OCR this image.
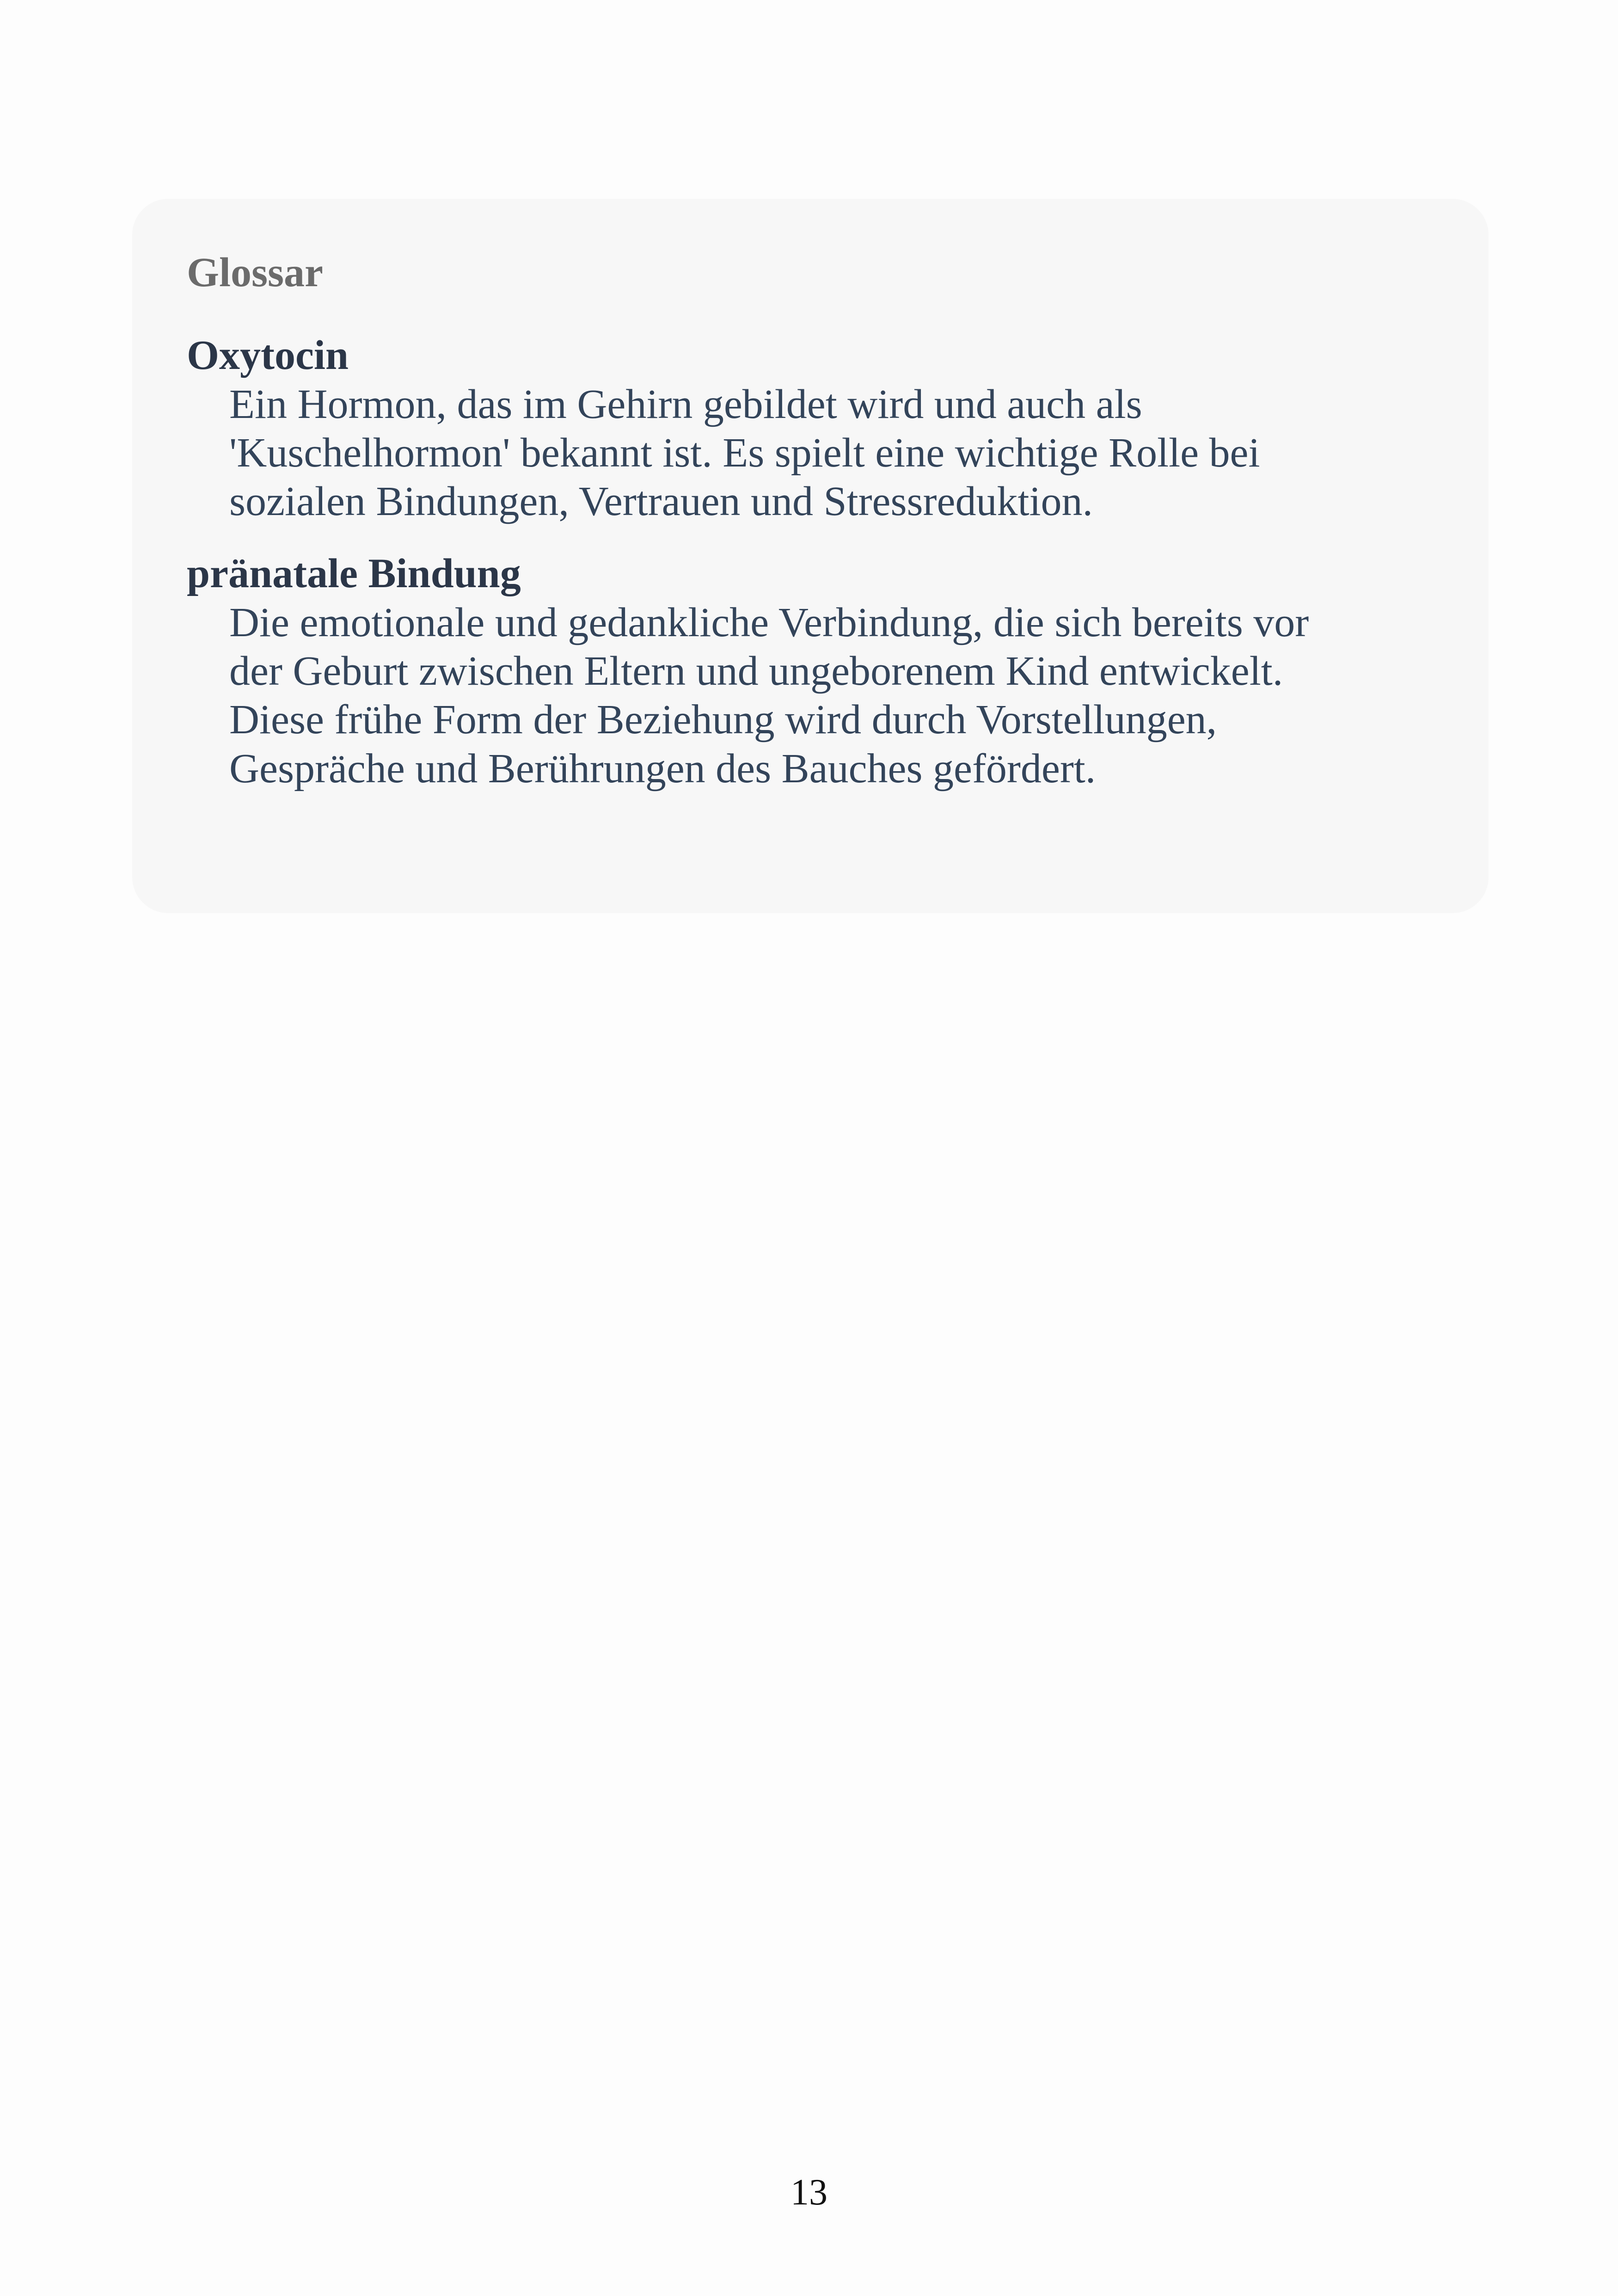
Glossar
Oxytocin
Ein Hormon, das im Gehirn gebildet wird und auch als
'Kuschelhormon' bekannt ist. Es spielt eine wichtige Rolle bei
sozialen Bindungen, Vertrauen und Stressreduktion.
pränatale Bindung
Die emotionale und gedankliche Verbindung, die sich bereits vor
der Geburt zwischen Eltern und ungeborenem Kind entwickelt.
Diese frühe Form der Beziehung wird durch Vorstellungen,
Gespräche und Berührungen des Bauches gefördert.
13
